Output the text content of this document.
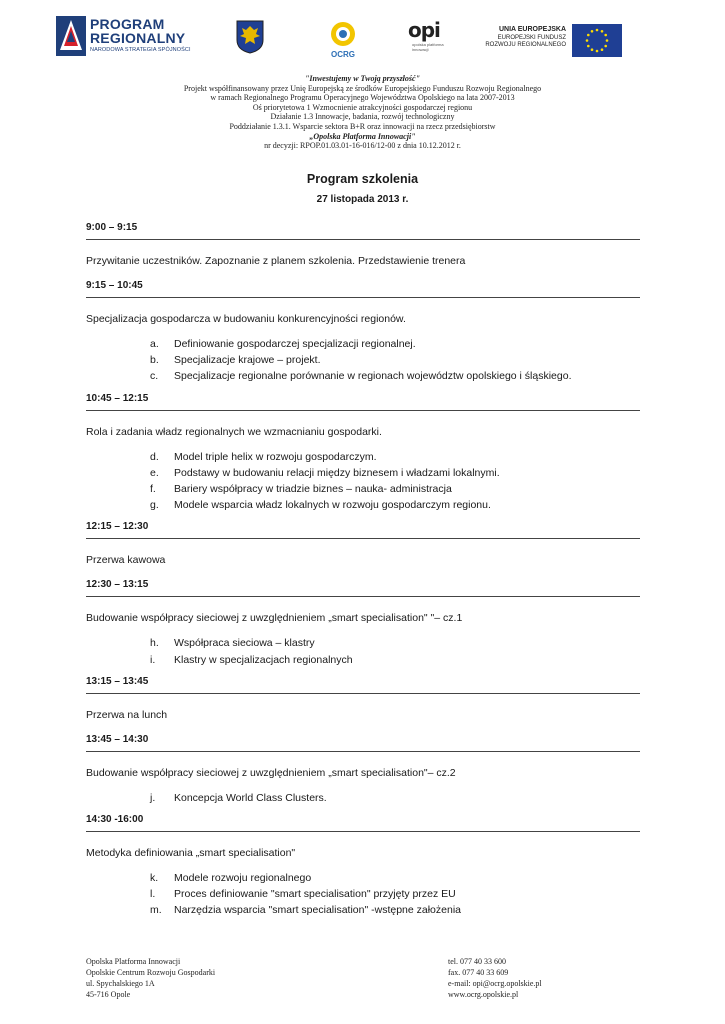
PROGRAM
REGIONALNY
NARODOWA STRATEGIA SPÓJNOŚCI	OCRG
opi
opolska platforma innowacji
UNIA EUROPEJSKA
EUROPEJSKI FUNDUSZ
ROZWOJU REGIONALNEGO
"Inwestujemy w Twoją przyszłość"
Projekt współfinansowany przez Unię Europejską ze środków Europejskiego Funduszu Rozwoju Regionalnego
w ramach Regionalnego Programu Operacyjnego Województwa Opolskiego na lata 2007-2013
Oś priorytetowa 1 Wzmocnienie atrakcyjności gospodarczej regionu
Działanie 1.3 Innowacje, badania, rozwój technologiczny
Poddziałanie 1.3.1. Wsparcie sektora B+R oraz innowacji na rzecz przedsiębiorstw
„Opolska Platforma Innowacji"
nr decyzji: RPOP.01.03.01-16-016/12-00 z dnia 10.12.2012 r.
Program szkolenia
27 listopada 2013 r.
9:00 – 9:15
Przywitanie uczestników. Zapoznanie z planem szkolenia. Przedstawienie trenera
9:15 – 10:45
Specjalizacja gospodarcza w budowaniu konkurencyjności regionów.
a. Definiowanie gospodarczej specjalizacji regionalnej.
b. Specjalizacje krajowe – projekt.
c. Specjalizacje regionalne porównanie w regionach województw opolskiego i śląskiego.
10:45 – 12:15
Rola i zadania władz regionalnych we wzmacnianiu gospodarki.
d. Model triple helix w rozwoju gospodarczym.
e. Podstawy w budowaniu relacji między biznesem i władzami lokalnymi.
f. Bariery współpracy w triadzie biznes – nauka- administracja
g. Modele wsparcia władz lokalnych w rozwoju gospodarczym regionu.
12:15 – 12:30
Przerwa kawowa
12:30 – 13:15
Budowanie współpracy sieciowej z uwzględnieniem „smart specialisation" "– cz.1
h. Współpraca sieciowa – klastry
i. Klastry w specjalizacjach regionalnych
13:15 – 13:45
Przerwa na lunch
13:45 – 14:30
Budowanie współpracy sieciowej z uwzględnieniem „smart specialisation"– cz.2
j. Koncepcja World Class Clusters.
14:30 -16:00
Metodyka definiowania „smart specialisation"
k. Modele rozwoju regionalnego
l. Proces definiowanie "smart specialisation" przyjęty przez EU
m. Narzędzia wsparcia "smart specialisation" -wstępne założenia
Opolska Platforma Innowacji
Opolskie Centrum Rozwoju Gospodarki
ul. Spychalskiego 1A
45-716 Opole
tel. 077 40 33 600
fax. 077 40 33 609
e-mail: opi@ocrg.opolskie.pl
www.ocrg.opolskie.pl
